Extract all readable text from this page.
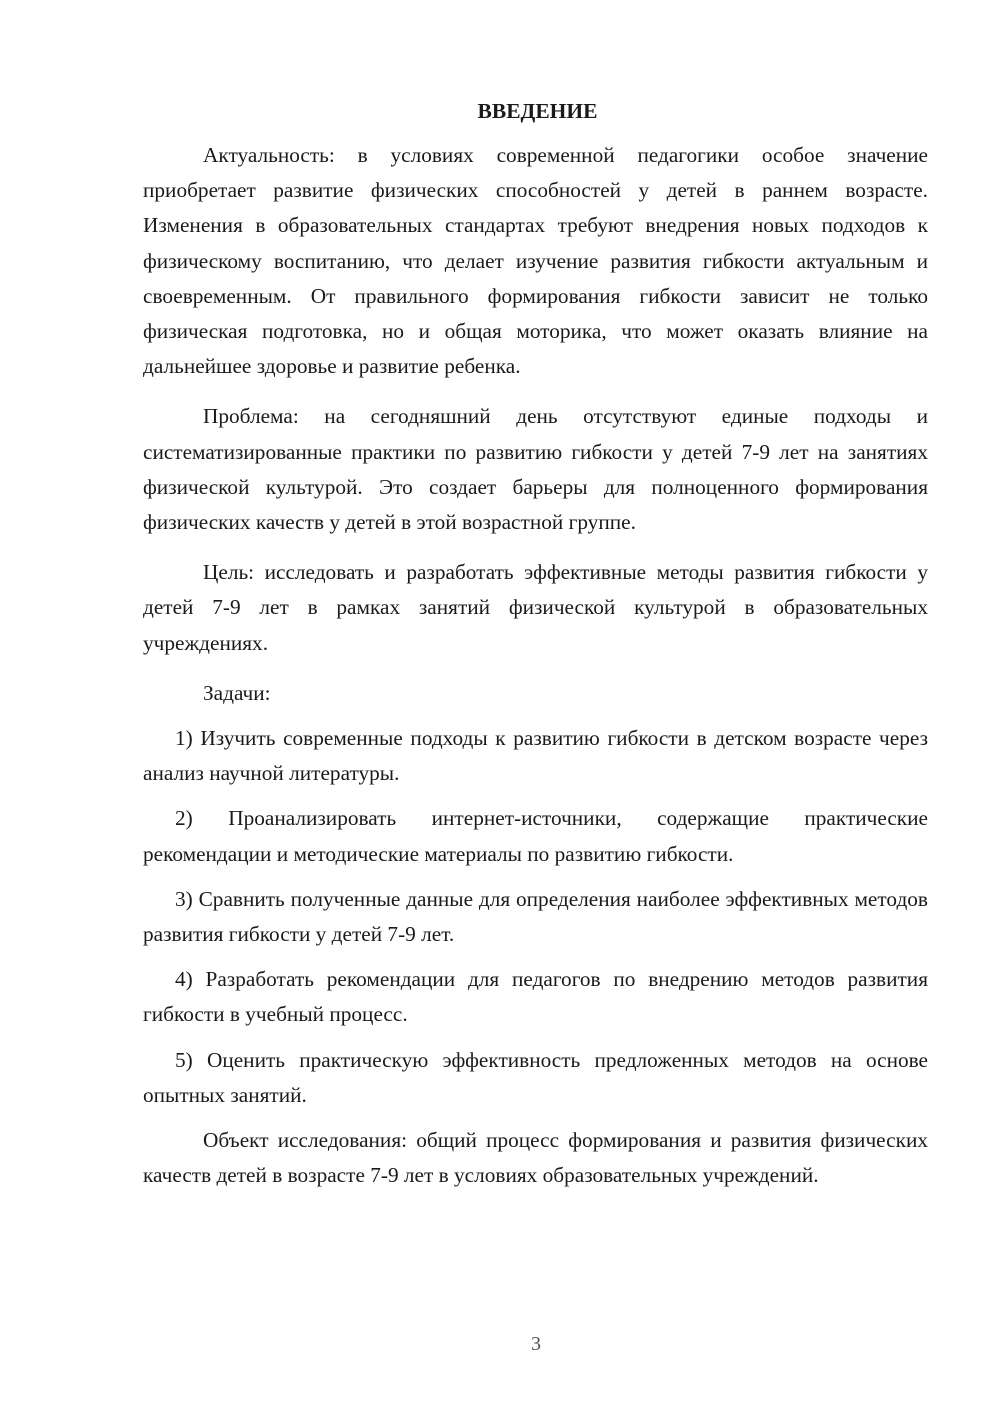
ВВЕДЕНИЕ

Актуальность: в условиях современной педагогики особое значение приобретает развитие физических способностей у детей в раннем возрасте. Изменения в образовательных стандартах требуют внедрения новых подходов к физическому воспитанию, что делает изучение развития гибкости актуальным и своевременным. От правильного формирования гибкости зависит не только физическая подготовка, но и общая моторика, что может оказать влияние на дальнейшее здоровье и развитие ребенка.

Проблема: на сегодняшний день отсутствуют единые подходы и систематизированные практики по развитию гибкости у детей 7-9 лет на занятиях физической культурой. Это создает барьеры для полноценного формирования физических качеств у детей в этой возрастной группе.

Цель: исследовать и разработать эффективные методы развития гибкости у детей 7-9 лет в рамках занятий физической культурой в образовательных учреждениях.

Задачи:

1) Изучить современные подходы к развитию гибкости в детском возрасте через анализ научной литературы.

2) Проанализировать интернет-источники, содержащие практические рекомендации и методические материалы по развитию гибкости.

3) Сравнить полученные данные для определения наиболее эффективных методов развития гибкости у детей 7-9 лет.

4) Разработать рекомендации для педагогов по внедрению методов развития гибкости в учебный процесс.

5) Оценить практическую эффективность предложенных методов на основе опытных занятий.

Объект исследования: общий процесс формирования и развития физических качеств детей в возрасте 7-9 лет в условиях образовательных учреждений.

3
